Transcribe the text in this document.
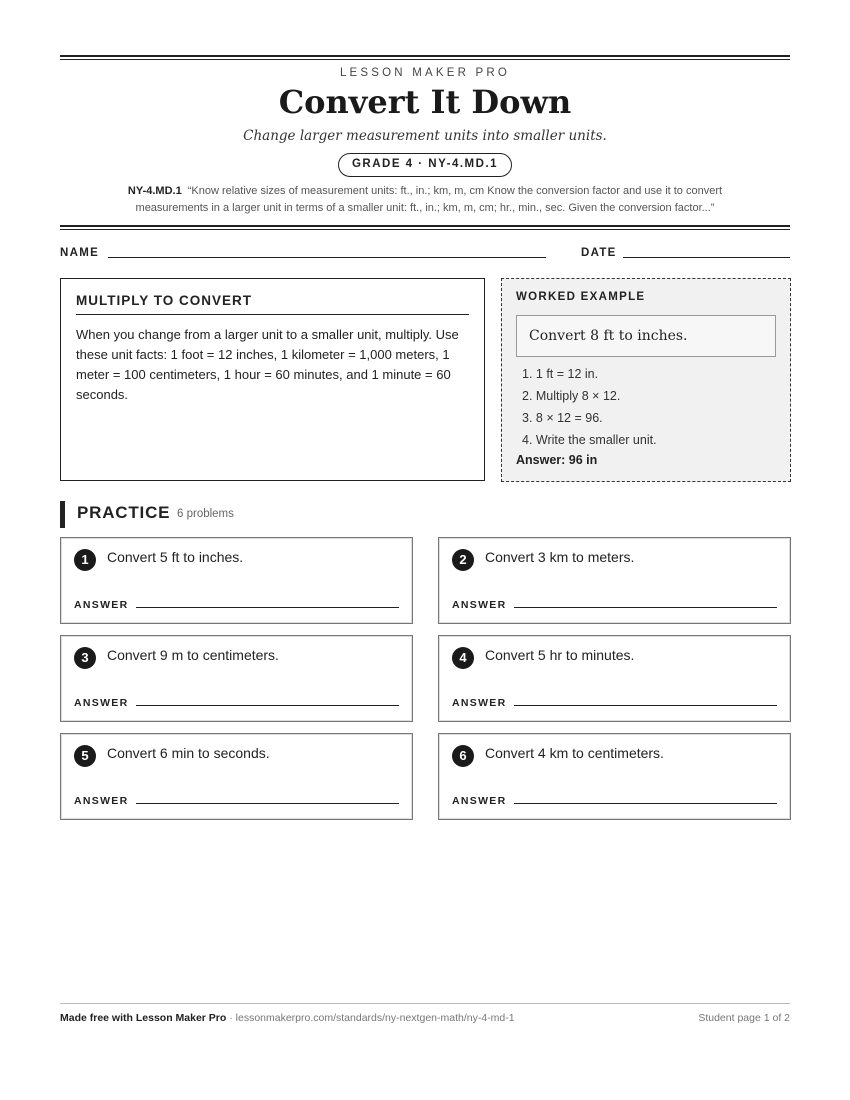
LESSON MAKER PRO
Convert It Down
Change larger measurement units into smaller units.
GRADE 4 · NY-4.MD.1
NY-4.MD.1 “Know relative sizes of measurement units: ft., in.; km, m, cm Know the conversion factor and use it to convert measurements in a larger unit in terms of a smaller unit: ft., in.; km, m, cm; hr., min., sec. Given the conversion factor...”
NAME	DATE
MULTIPLY TO CONVERT

When you change from a larger unit to a smaller unit, multiply. Use these unit facts: 1 foot = 12 inches, 1 kilometer = 1,000 meters, 1 meter = 100 centimeters, 1 hour = 60 minutes, and 1 minute = 60 seconds.

WORKED EXAMPLE
Convert 8 ft to inches.
1. 1 ft = 12 in.
2. Multiply 8 × 12.
3. 8 × 12 = 96.
4. Write the smaller unit.
Answer: 96 in
PRACTICE 6 problems
1	Convert 5 ft to inches.
ANSWER
2	Convert 3 km to meters.
ANSWER
3	Convert 9 m to centimeters.
ANSWER
4	Convert 5 hr to minutes.
ANSWER
5	Convert 6 min to seconds.
ANSWER
6	Convert 4 km to centimeters.
ANSWER
Made free with Lesson Maker Pro · lessonmakerpro.com/standards/ny-nextgen-math/ny-4-md-1	Student page 1 of 2
